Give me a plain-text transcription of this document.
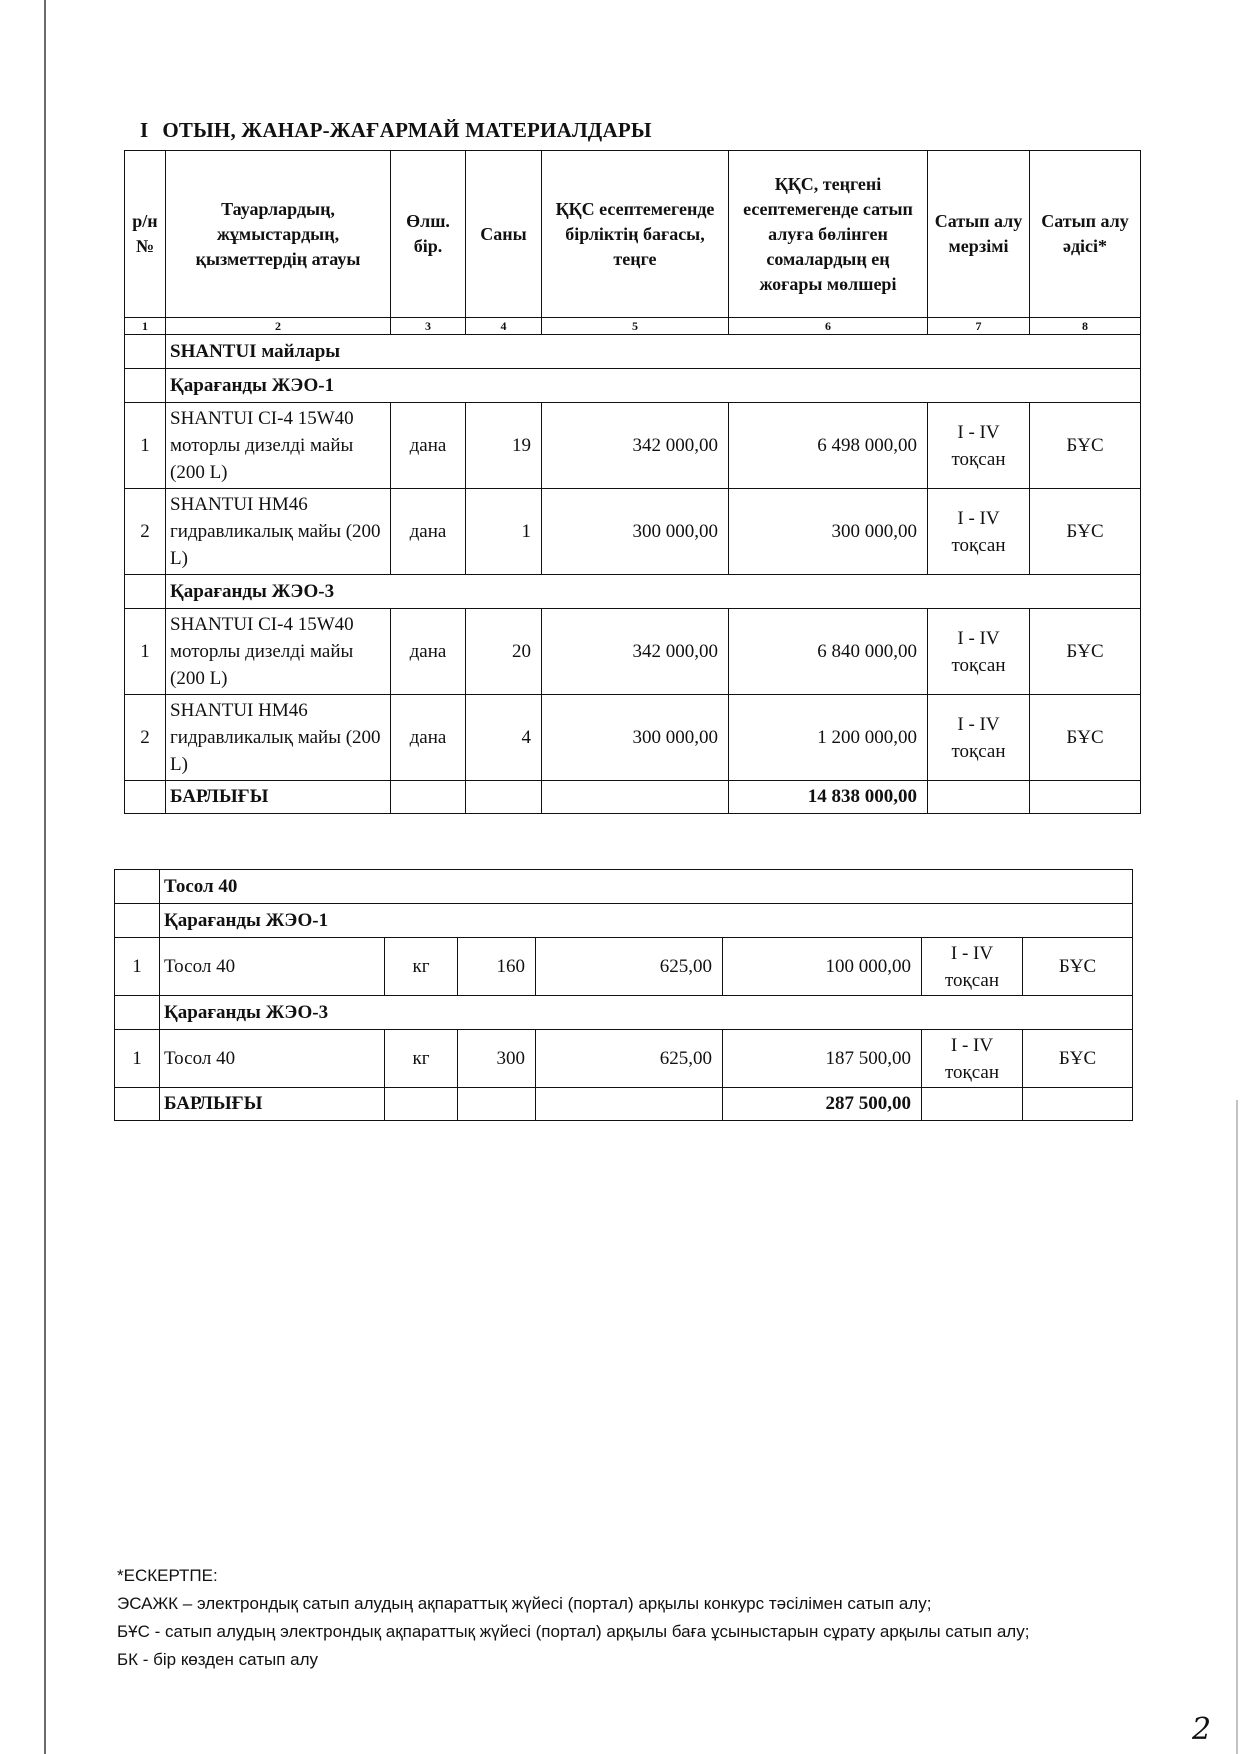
I ОТЫН, ЖАНАР-ЖАҒАРМАЙ МАТЕРИАЛДАРЫ
р/н №	Тауарлардың, жұмыстардың, қызметтердің атауы	Өлш. бір.	Саны	ҚҚС есептемегенде бірліктің бағасы, теңге	ҚҚС, теңгені есептемегенде сатып алуға бөлінген сомалардың ең жоғары мөлшері	Сатып алу мерзімі	Сатып алу әдісі*
1	2	3	4	5	6	7	8
	SHANTUI майлары						
	Қарағанды ЖЭО-1						
1	SHANTUI CI-4 15W40 моторлы дизелді майы (200 L)	дана	19	342 000,00	6 498 000,00	I - IV тоқсан	БҰС
2	SHANTUI HM46 гидравликалық майы (200 L)	дана	1	300 000,00	300 000,00	I - IV тоқсан	БҰС
	Қарағанды ЖЭО-3						
1	SHANTUI CI-4 15W40 моторлы дизелді майы (200 L)	дана	20	342 000,00	6 840 000,00	I - IV тоқсан	БҰС
2	SHANTUI HM46 гидравликалық майы (200 L)	дана	4	300 000,00	1 200 000,00	I - IV тоқсан	БҰС
	БАРЛЫҒЫ				14 838 000,00		
	Тосол 40						
	Қарағанды ЖЭО-1						
1	Тосол 40	кг	160	625,00	100 000,00	I - IV тоқсан	БҰС
	Қарағанды ЖЭО-3						
1	Тосол 40	кг	300	625,00	187 500,00	I - IV тоқсан	БҰС
	БАРЛЫҒЫ				287 500,00		
*ЕСКЕРТПЕ:
ЭСАЖК – электрондық сатып алудың ақпараттық жүйесі (портал) арқылы конкурс тәсілімен сатып алу;
БҰС - сатып алудың электрондық ақпараттық жүйесі (портал) арқылы баға ұсыныстарын сұрату арқылы сатып алу;
БК - бір көзден сатып алу
2
